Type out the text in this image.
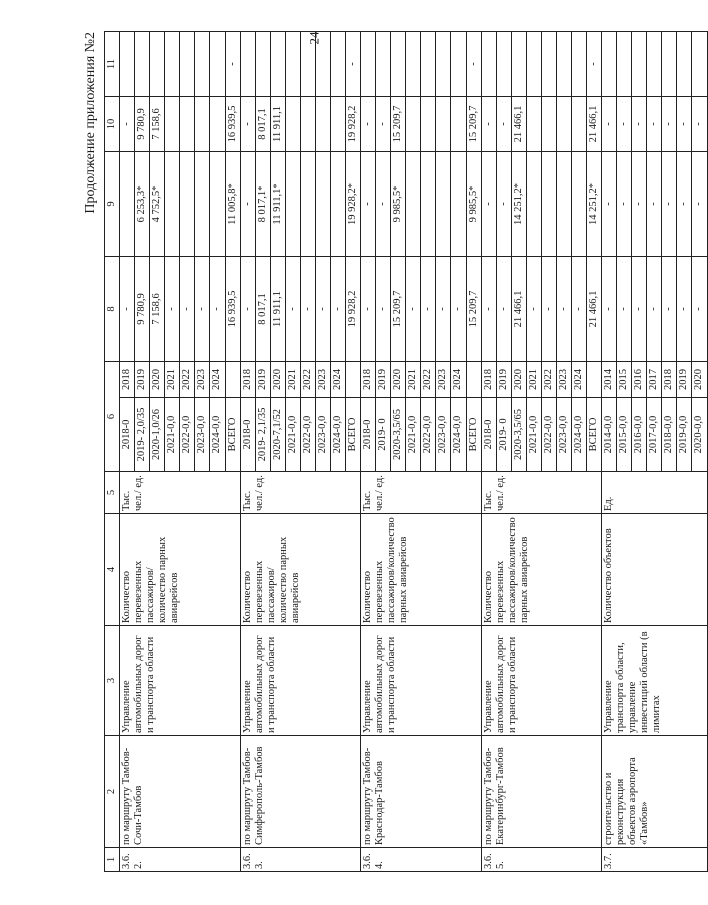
24
Продолжение приложения №2
1	2	3	4	5	6		8	9	10	11	
3.6.2.	по маршруту Тамбов-Сочи-Тамбов	Управление автомобильных дорог и транспорта области	Количество перевезенных пассажиров/ количество парных авиарейсов	Тыс. чел./ ед.	2018-0	2018	-		-		
					2019- 2,0/35	2019	9 780,9	6 253,3*	9 780,9		
					2020-1,0/26	2020	7 158,6	4 752,5*	7 158,6		
					2021-0,0	2021	-				
					2022-0,0	2022	-				
					2023-0,0	2023	-				
					2024-0,0	2024	-				
					ВСЕГО		16 939,5	11 005,8*	16 939,5	-	
3.6.3.	по маршруту Тамбов-Симферополь-Тамбов	Управление автомобильных дорог и транспорта области	Количество перевезенных пассажиров/ количество парных авиарейсов	Тыс. чел./ ед.	2018-0	2018	-	-	-		
					2019- 2,1/35	2019	8 017,1	8 017,1*	8 017,1		
					2020-7,1/52	2020	11 911,1	11 911,1*	11 911,1		
					2021-0,0	2021	-				
					2022-0,0	2022	-				
					2023-0,0	2023	-				
					2024-0,0	2024	-				
					ВСЕГО		19 928,2	19 928,2*	19 928,2	-	
3.6.4.	по маршруту Тамбов-Краснодар-Тамбов	Управление автомобильных дорог и транспорта области	Количество перевезенных пассажиров/количество парных авиарейсов	Тыс. чел./ ед.	2018-0	2018	-	-	-		
					2019- 0	2019	-	-	-		
					2020-3,5/65	2020	15 209,7	9 985,5*	15 209,7		
					2021-0,0	2021	-				
					2022-0,0	2022	-				
					2023-0,0	2023	-				
					2024-0,0	2024	-				
					ВСЕГО		15 209,7	9 985,5*	15 209,7	-	
3.6.5.	по маршруту Тамбов-Екатеринбург-Тамбов	Управление автомобильных дорог и транспорта области	Количество перевезенных пассажиров/количество парных авиарейсов	Тыс. чел./ ед.	2018-0	2018	-	-	-		
					2019- 0	2019	-	-	-		
					2020-3,5/65	2020	21 466,1	14 251,2*	21 466,1		
					2021-0,0	2021	-				
					2022-0,0	2022	-				
					2023-0,0	2023	-				
					2024-0,0	2024	-				
					ВСЕГО		21 466,1	14 251,2*	21 466,1	-	
3.7.	строительство и реконструкция объектов аэропорта «Тамбов»	Управление транспорта области, управление инвестиций области (в лимитах	Количество объектов	Ед.	2014-0,0	2014	-	-	-		
					2015-0,0	2015	-	-	-		
					2016-0,0	2016	-	-	-		
					2017-0,0	2017	-	-	-		
					2018-0,0	2018	-	-	-		
					2019-0,0	2019	-	-	-		
					2020-0,0	2020	-	-	-		
